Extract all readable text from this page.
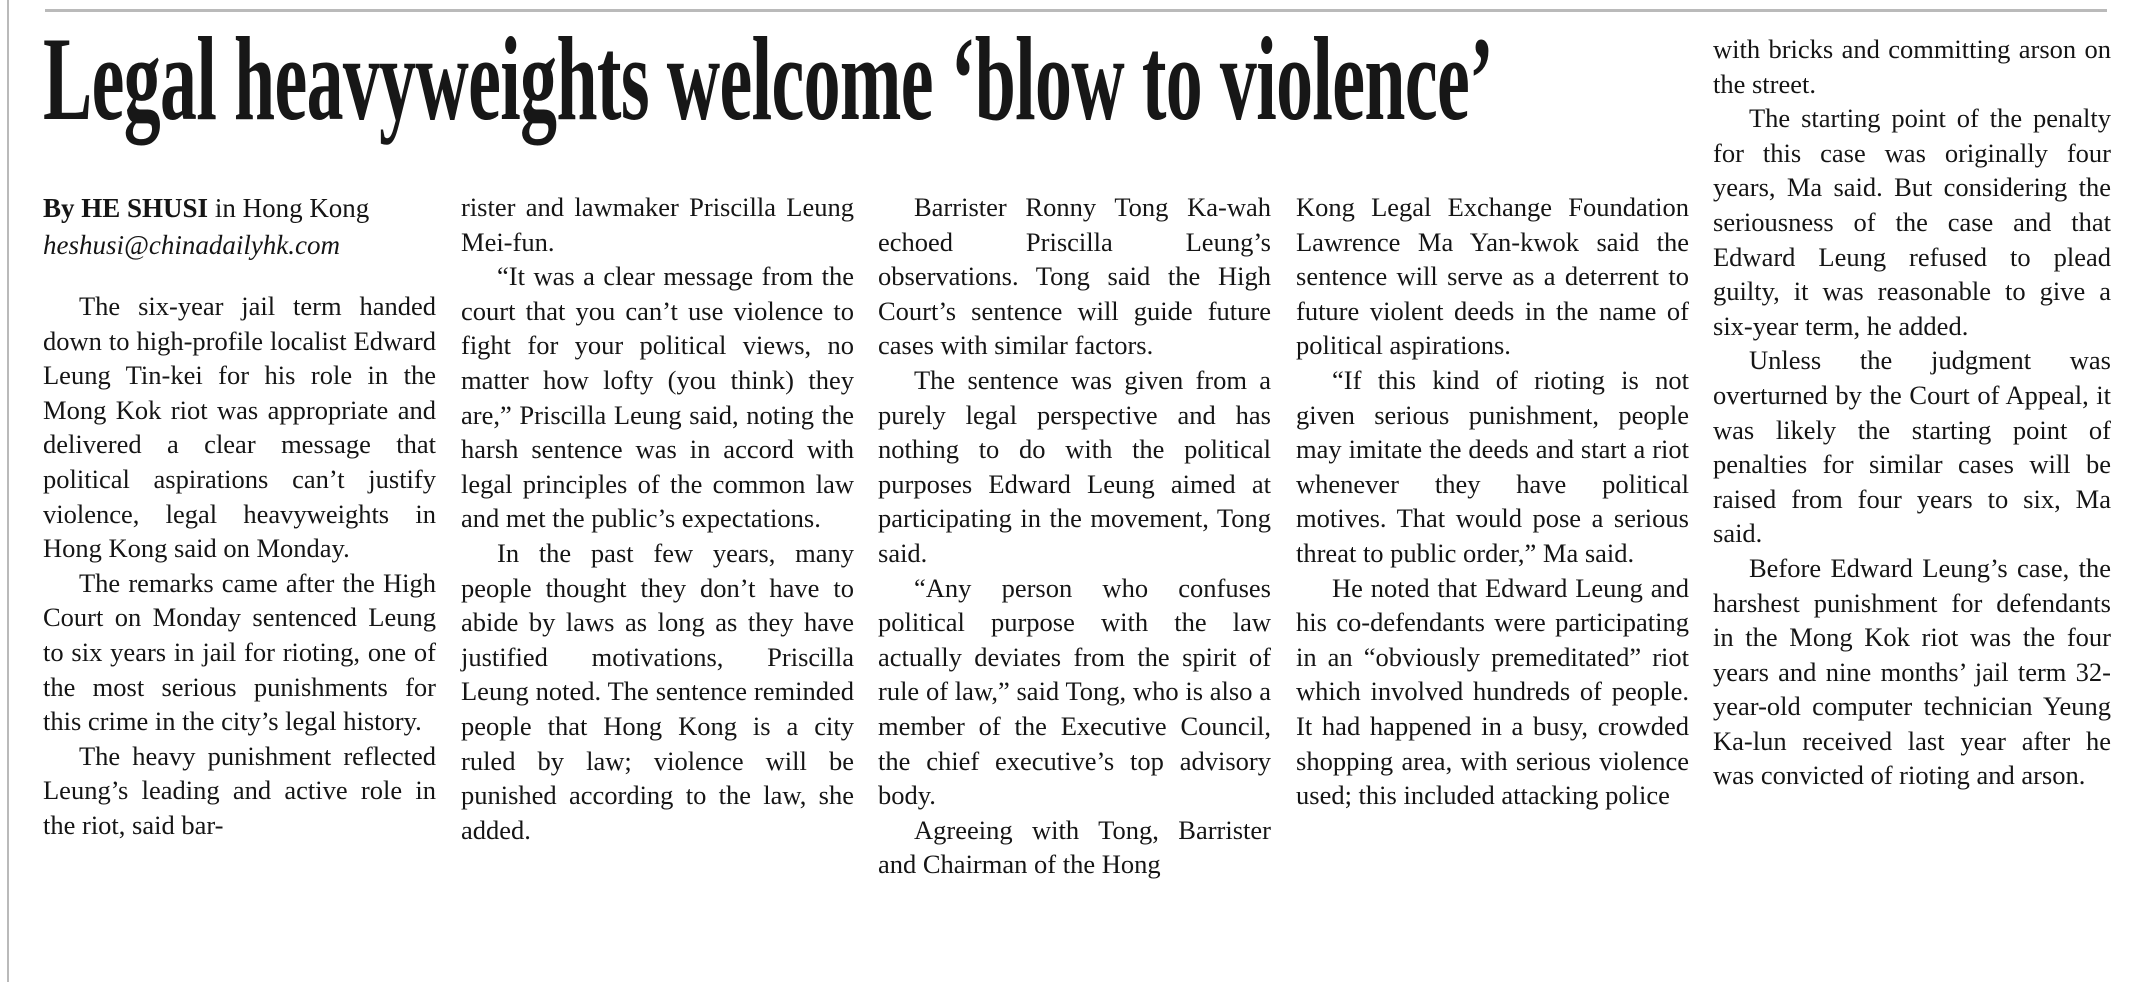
Legal heavyweights welcome ‘blow to violence’
By HE SHUSI in Hong Kong
heshusi@chinadailyhk.com

The six-year jail term handed down to high-profile localist Edward Leung Tin-kei for his role in the Mong Kok riot was appropriate and delivered a clear message that political aspirations can’t justify violence, legal heavyweights in Hong Kong said on Monday.

The remarks came after the High Court on Monday sentenced Leung to six years in jail for rioting, one of the most serious punishments for this crime in the city’s legal history.

The heavy punishment reflected Leung’s leading and active role in the riot, said bar-

rister and lawmaker Priscilla Leung Mei-fun.

“It was a clear message from the court that you can’t use violence to fight for your political views, no matter how lofty (you think) they are,” Priscilla Leung said, noting the harsh sentence was in accord with legal principles of the common law and met the public’s expectations.

In the past few years, many people thought they don’t have to abide by laws as long as they have justified motivations, Priscilla Leung noted. The sentence reminded people that Hong Kong is a city ruled by law; violence will be punished according to the law, she added.

Barrister Ronny Tong Ka-wah echoed Priscilla Leung’s observations. Tong said the High Court’s sentence will guide future cases with similar factors.

The sentence was given from a purely legal perspective and has nothing to do with the political purposes Edward Leung aimed at participating in the movement, Tong said.

“Any person who confuses political purpose with the law actually deviates from the spirit of rule of law,” said Tong, who is also a member of the Executive Council, the chief executive’s top advisory body.

Agreeing with Tong, Barrister and Chairman of the Hong

Kong Legal Exchange Foundation Lawrence Ma Yan-kwok said the sentence will serve as a deterrent to future violent deeds in the name of political aspirations.

“If this kind of rioting is not given serious punishment, people may imitate the deeds and start a riot whenever they have political motives. That would pose a serious threat to public order,” Ma said.

He noted that Edward Leung and his co-defendants were participating in an “obviously premeditated” riot which involved hundreds of people. It had happened in a busy, crowded shopping area, with serious violence used; this included attacking police

with bricks and committing arson on the street.

The starting point of the penalty for this case was originally four years, Ma said. But considering the seriousness of the case and that Edward Leung refused to plead guilty, it was reasonable to give a six-year term, he added.

Unless the judgment was overturned by the Court of Appeal, it was likely the starting point of penalties for similar cases will be raised from four years to six, Ma said.

Before Edward Leung’s case, the harshest punishment for defendants in the Mong Kok riot was the four years and nine months’ jail term 32-year-old computer technician Yeung Ka-lun received last year after he was convicted of rioting and arson.
